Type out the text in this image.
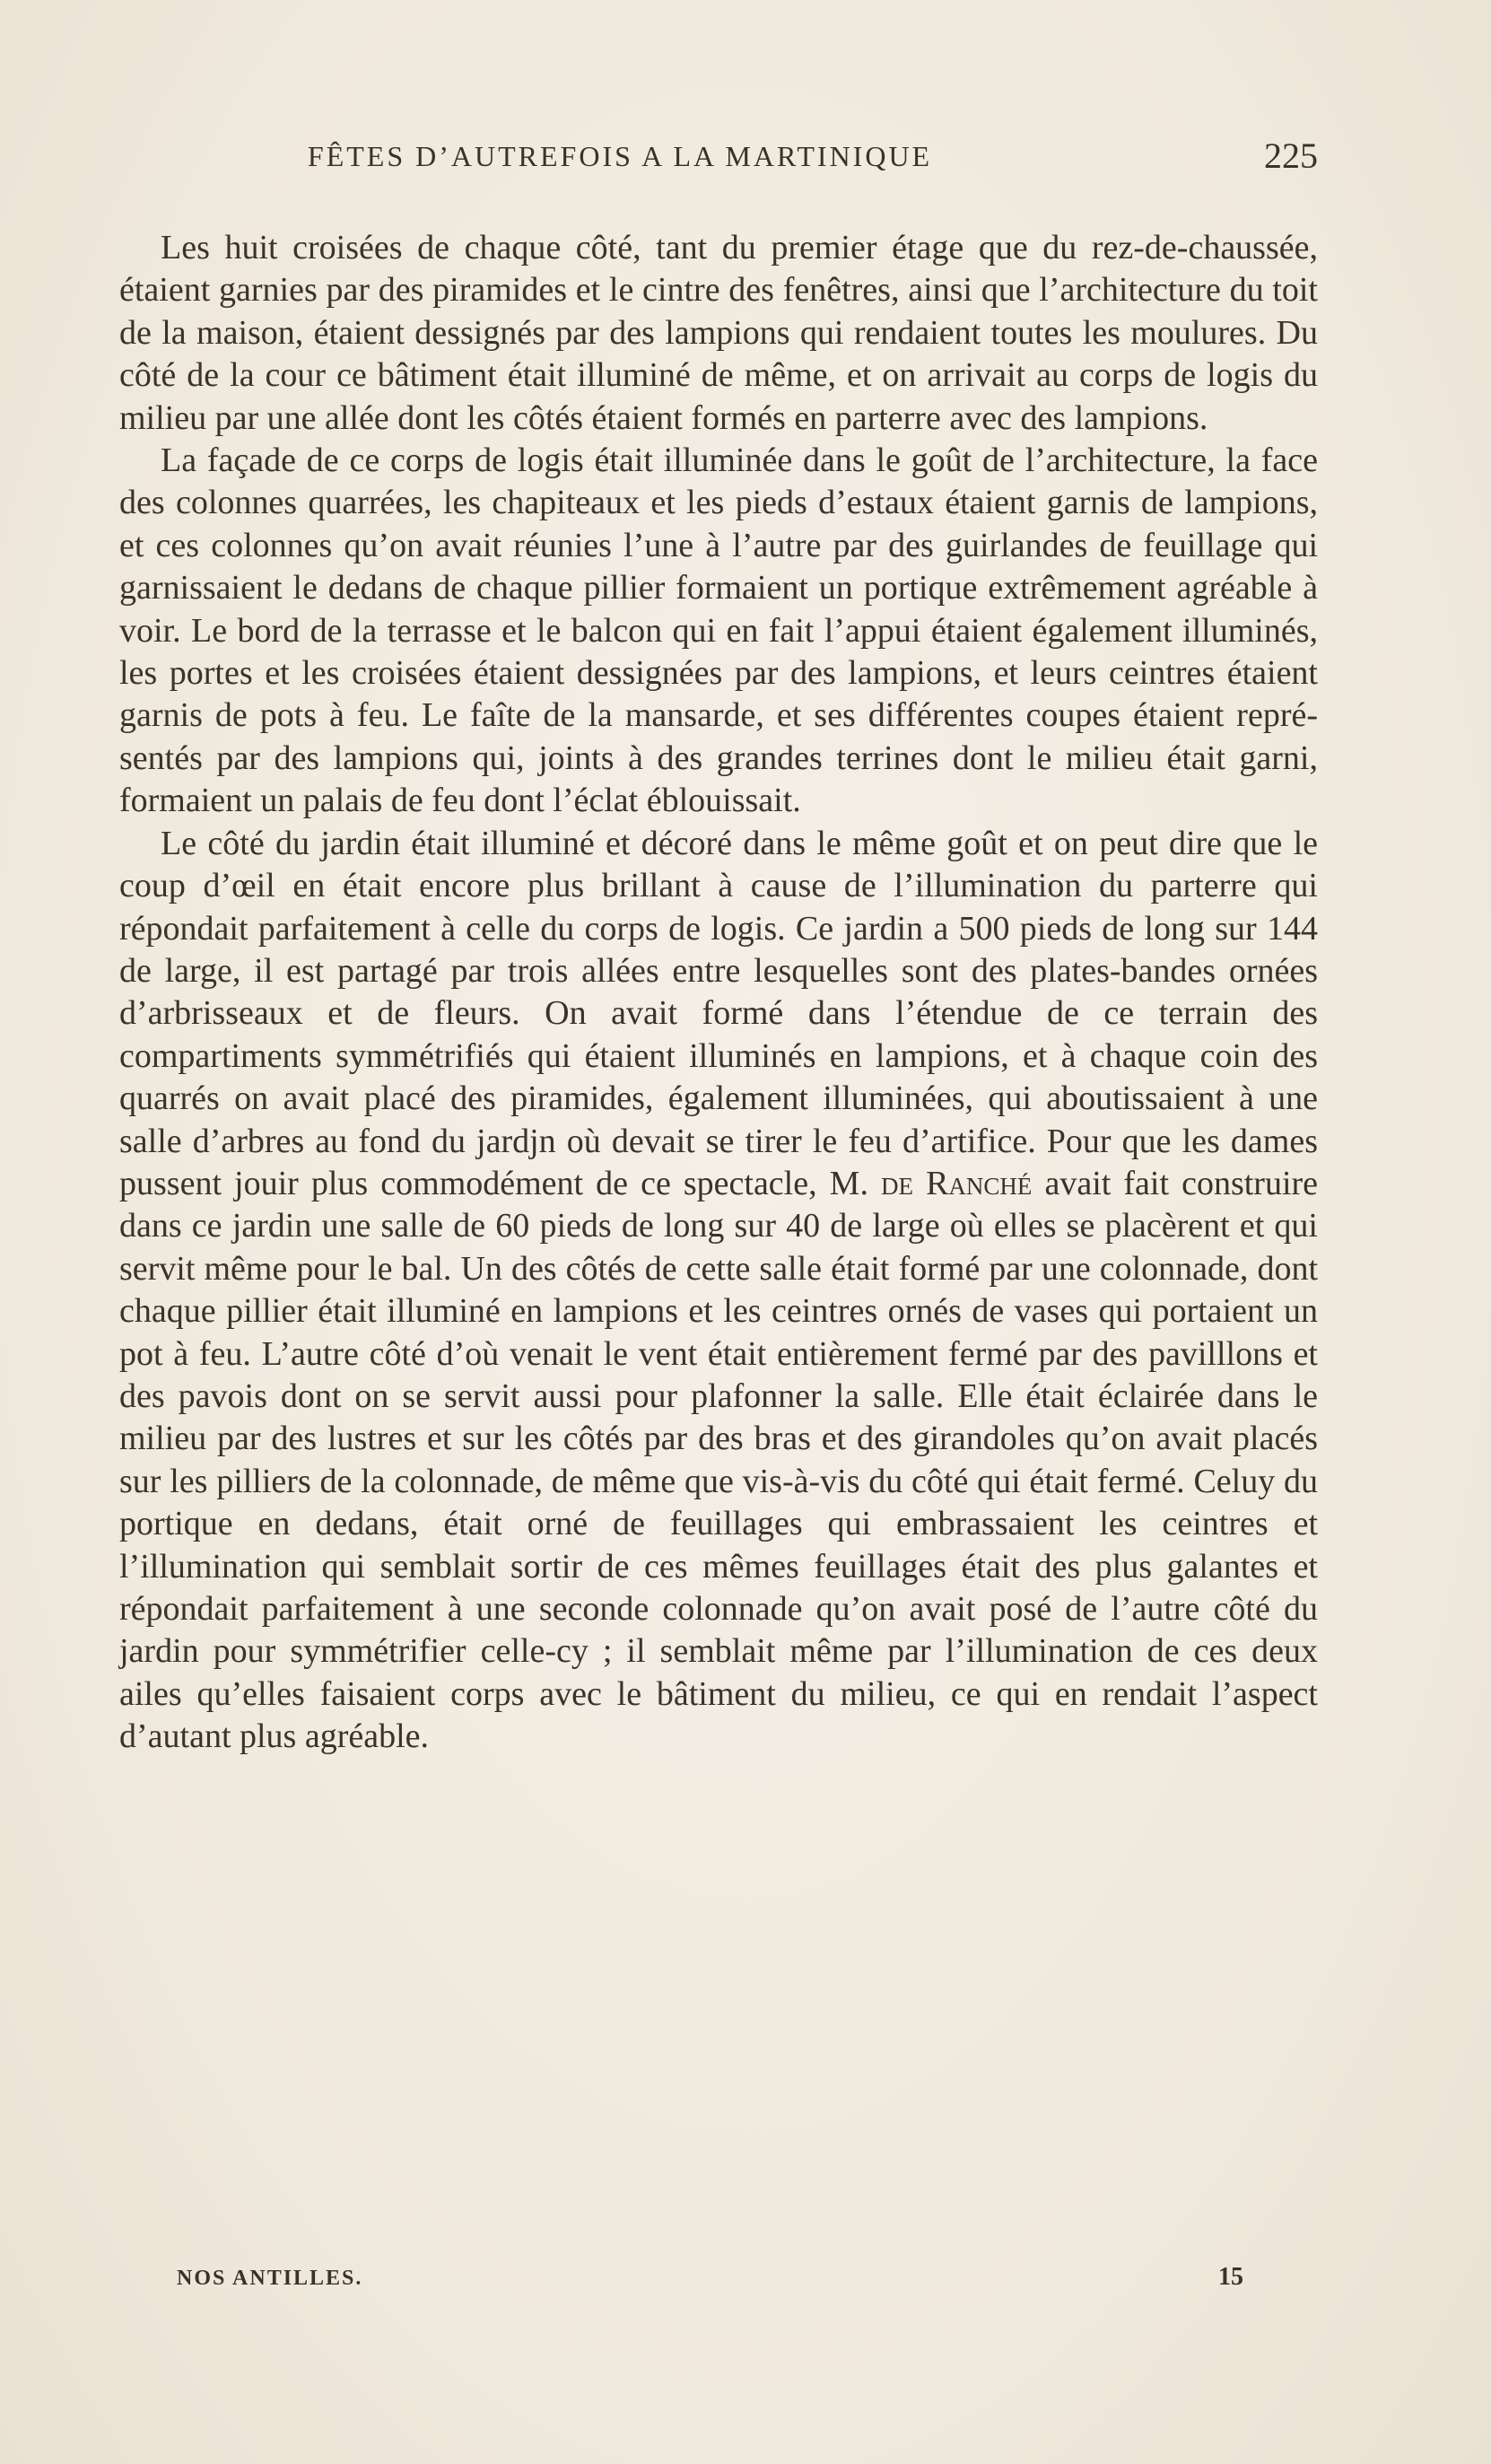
FÊTES D’AUTREFOIS A LA MARTINIQUE	225

Les huit croisées de chaque côté, tant du premier étage que du rez-de-chaussée, étaient garnies par des piramides et le cintre des fenêtres, ainsi que l’architecture du toit de la maison, étaient dessignés par des lampions qui rendaient toutes les moulures. Du côté de la cour ce bâtiment était illuminé de même, et on arrivait au corps de logis du milieu par une allée dont les côtés étaient formés en parterre avec des lampions.

La façade de ce corps de logis était illuminée dans le goût de l’architecture, la face des colonnes quarrées, les chapiteaux et les pieds d’estaux étaient garnis de lampions, et ces colonnes qu’on avait réunies l’une à l’autre par des guirlandes de feuillage qui garnissaient le dedans de chaque pillier formaient un portique extrêmement agréable à voir. Le bord de la terrasse et le balcon qui en fait l’appui étaient également illuminés, les portes et les croisées étaient dessignées par des lampions, et leurs ceintres étaient garnis de pots à feu. Le faîte de la mansarde, et ses différentes coupes étaient représentés par des lampions qui, joints à des grandes terrines dont le milieu était garni, formaient un palais de feu dont l’éclat éblouissait.

Le côté du jardin était illuminé et décoré dans le même goût et on peut dire que le coup d’œil en était encore plus brillant à cause de l’illumination du parterre qui répondait parfaitement à celle du corps de logis. Ce jardin a 500 pieds de long sur 144 de large, il est partagé par trois allées entre lesquelles sont des plates-bandes ornées d’arbrisseaux et de fleurs. On avait formé dans l’étendue de ce terrain des compartiments symmétrifiés qui étaient illuminés en lampions, et à chaque coin des quarrés on avait placé des piramides, également illuminées, qui aboutissaient à une salle d’arbres au fond du jardjn où devait se tirer le feu d’artifice. Pour que les dames pussent jouir plus commodément de ce spectacle, M. de Ranché avait fait construire dans ce jardin une salle de 60 pieds de long sur 40 de large où elles se placèrent et qui servit même pour le bal. Un des côtés de cette salle était formé par une colonnade, dont chaque pillier était illuminé en lampions et les ceintres ornés de vases qui portaient un pot à feu. L’autre côté d’où venait le vent était entièrement fermé par des pavilllons et des pavois dont on se servit aussi pour plafonner la salle. Elle était éclairée dans le milieu par des lustres et sur les côtés par des bras et des girandoles qu’on avait placés sur les pilliers de la colonnade, de même que vis-à-vis du côté qui était fermé. Celuy du portique en dedans, était orné de feuillages qui embrassaient les ceintres et l’illumination qui semblait sortir de ces mêmes feuillages était des plus galantes et répondait parfaitement à une seconde colonnade qu’on avait posé de l’autre côté du jardin pour symmétrifier celle-cy ; il semblait même par l’illumination de ces deux ailes qu’elles faisaient corps avec le bâtiment du milieu, ce qui en rendait l’aspect d’autant plus agréable.

NOS ANTILLES.	15
